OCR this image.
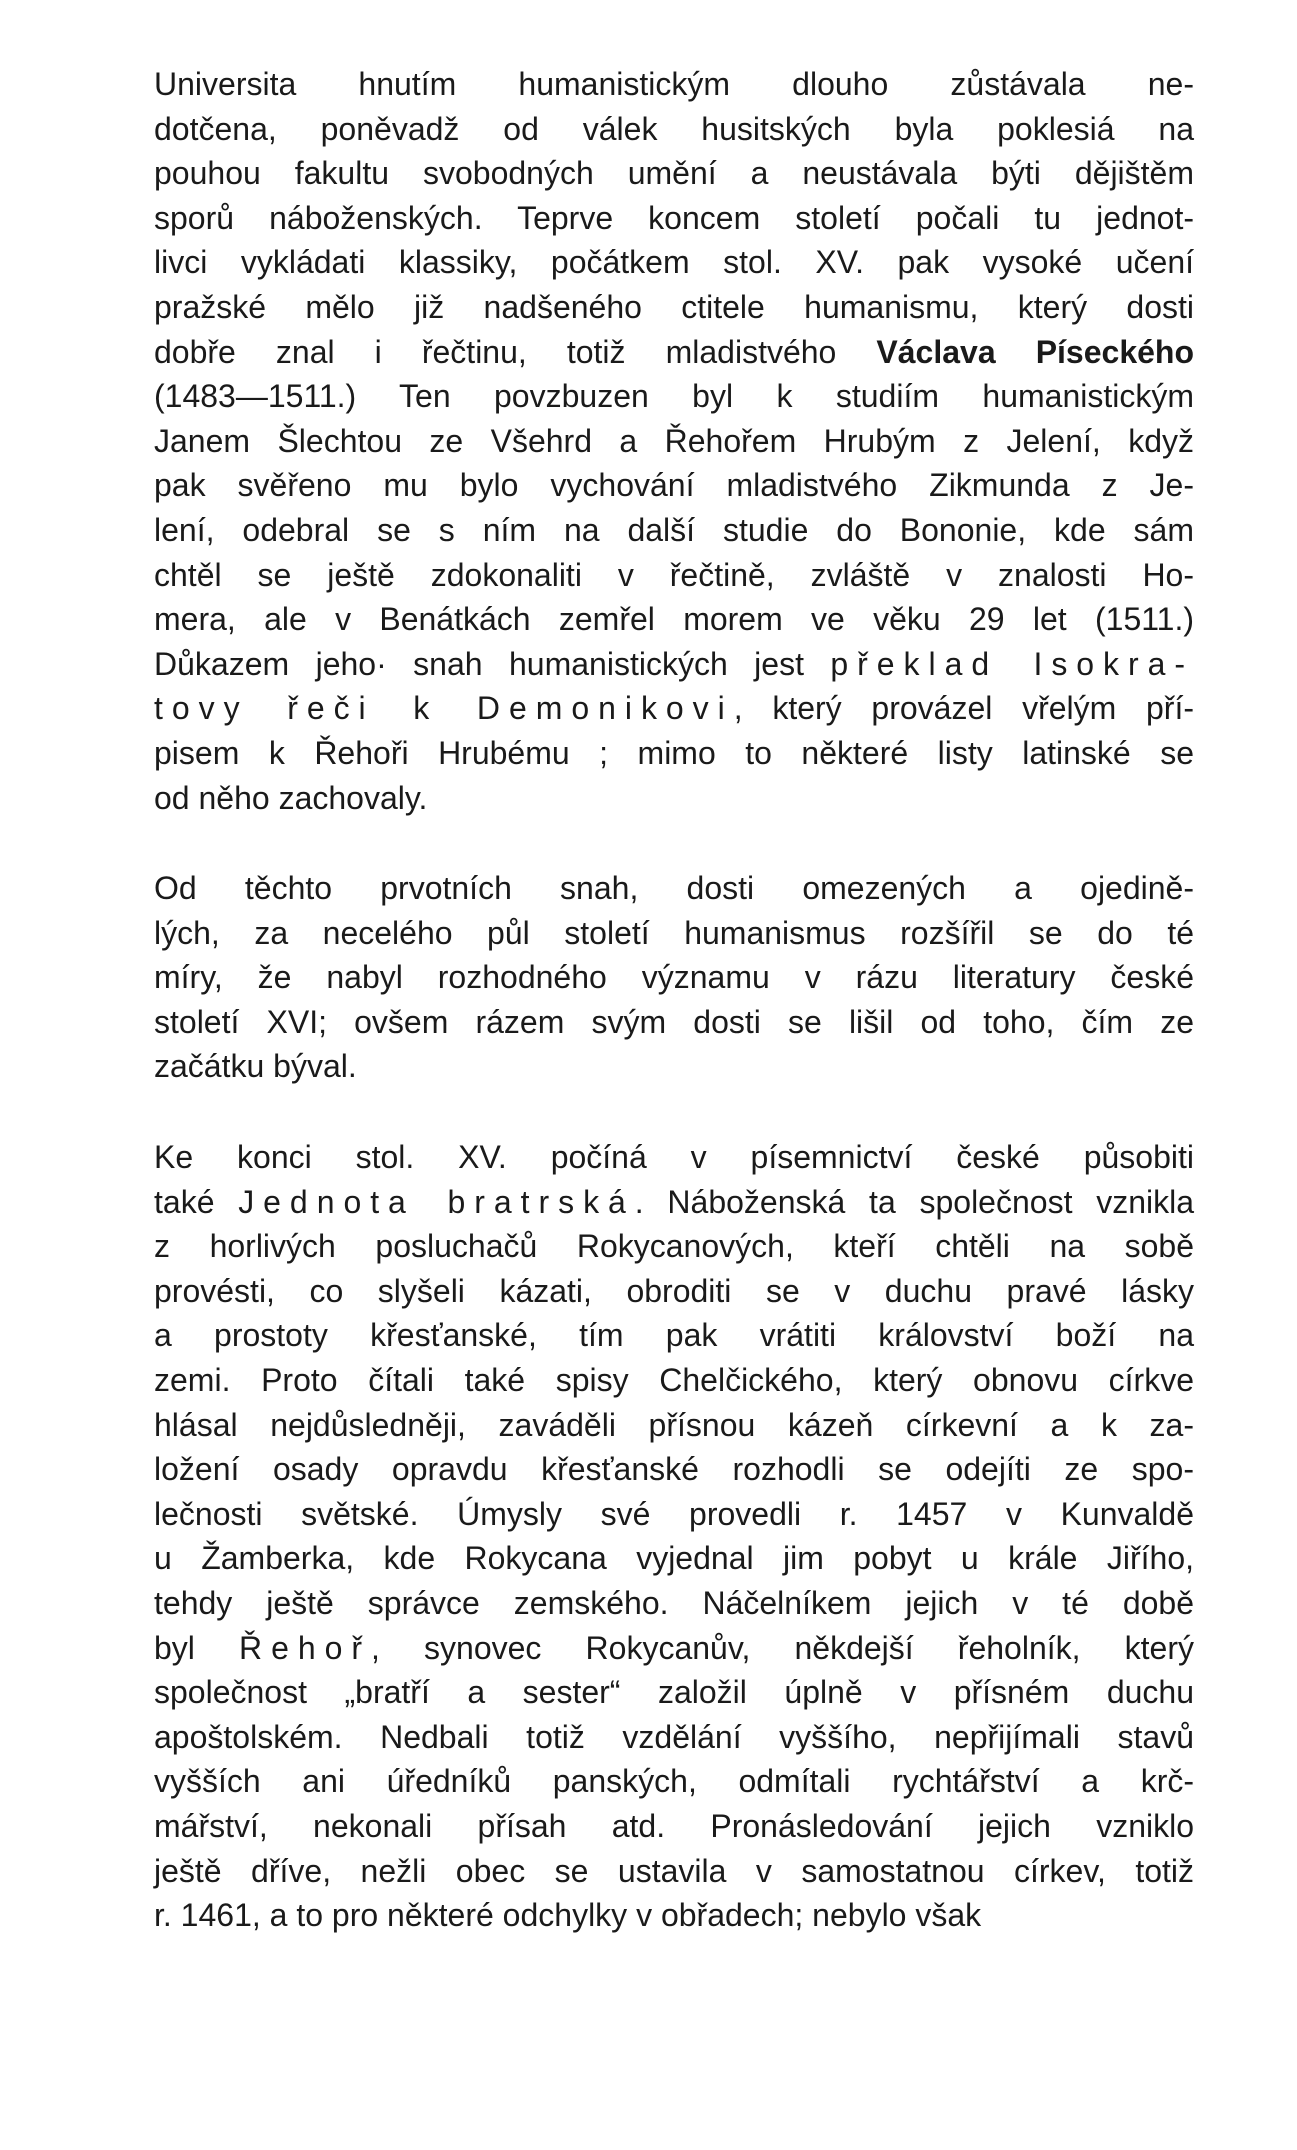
Universita hnutím humanistickým dlouho zůstávala ne-
dotčena, poněvadž od válek husitských byla poklesiá na
pouhou fakultu svobodných umění a neustávala býti dějištěm
sporů náboženských. Teprve koncem století počali tu jednot-
livci vykládati klassiky, počátkem stol. XV. pak vysoké učení
pražské mělo již nadšeného ctitele humanismu, který dosti
dobře znal i řečtinu, totiž mladistvého Václava Píseckého
(1483—1511.) Ten povzbuzen byl k studiím humanistickým
Janem Šlechtou ze Všehrd a Řehořem Hrubým z Jelení, když
pak svěřeno mu bylo vychování mladistvého Zikmunda z Je-
lení, odebral se s ním na další studie do Bononie, kde sám
chtěl se ještě zdokonaliti v řečtině, zvláště v znalosti Ho-
mera, ale v Benátkách zemřel morem ve věku 29 let (1511.)
Důkazem jeho· snah humanistických jest překlad Isokra-
tovy řeči k Demonikovi, který provázel vřelým pří-
pisem k Řehoři Hrubému ; mimo to některé listy latinské se
od něho zachovaly.
Od těchto prvotních snah, dosti omezených a ojedině-
lých, za neceléhο půl století humanismus rozšířil se do té
míry, že nabyl rozhodného významu v rázu literatury české
století XVI; ovšem rázem svým dosti se lišil od toho, čím ze
začátku býval.
Ke konci stol. XV. počíná v písemnictví české působiti
také Jednota bratrská. Náboženská ta společnost vznikla
z horlivých posluchačů Rokycanových, kteří chtěli na sobě
provésti, co slyšeli kázati, obroditi se v duchu pravé lásky
a prostoty křesťanské, tím pak vrátiti království boží na
zemi. Proto čítali také spisy Chelčického, který obnovu církve
hlásal nejdůsledněji, zaváděli přísnou kázeň církevní a k za-
ložení osady opravdu křesťanské rozhodli se odejíti ze spo-
lečnosti světské. Úmysly své provedli r. 1457 v Kunvaldě
u Žamberka, kde Rokycana vyjednal jim pobyt u krále Jiřího,
tehdy ještě správce zemského. Náčelníkem jejich v té době
byl Řehoř, synovec Rokycanův, někdejší řeholník, který
společnost „bratří a sester“ založil úplně v přísném duchu
apoštolském. Nedbali totiž vzdělání vyššího, nepřijímali stavů
vyšších ani úředníků panských, odmítali rychtářství a krč-
mářství, nekonali přísah atd. Pronásledování jejich vzniklo
ještě dříve, nežli obec se ustavila v samostatnou církev, totiž
r. 1461, a to pro některé odchylky v obřadech; nebylo však
